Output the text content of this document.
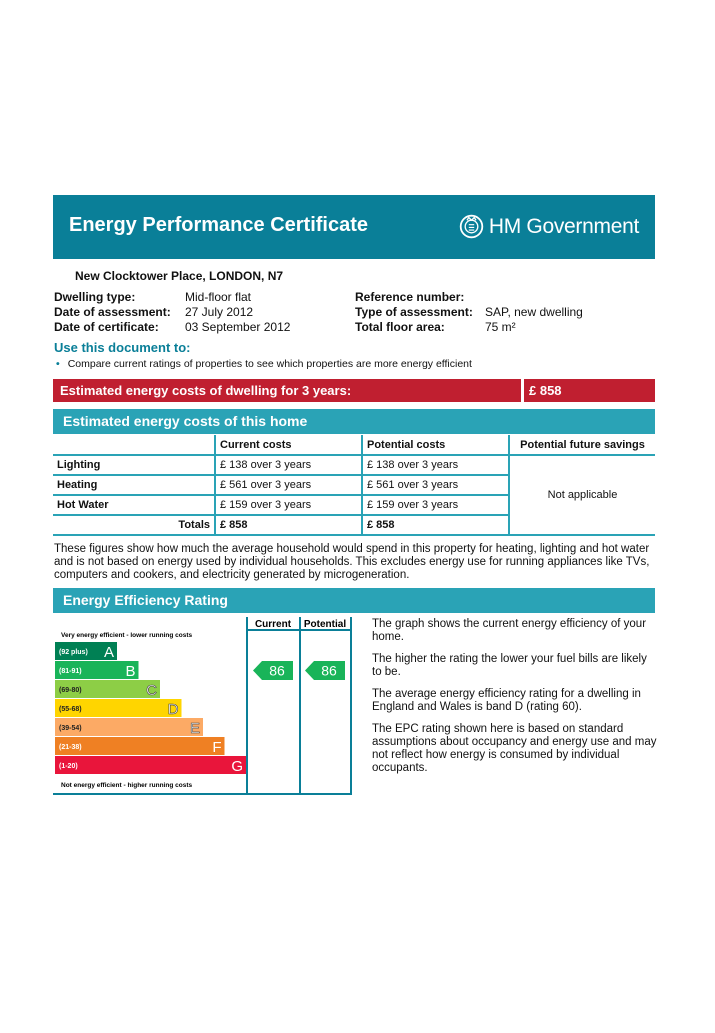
Energy Performance Certificate	HM Government
New Clocktower Place, LONDON, N7
Dwelling type:	Mid-floor flat
Date of assessment:	27 July 2012
Date of certificate:	03 September 2012
Reference number:
Type of assessment:	SAP, new dwelling
Total floor area:	75 m²
Use this document to:
• Compare current ratings of properties to see which properties are more energy efficient
Estimated energy costs of dwelling for 3 years:	£ 858
Estimated energy costs of this home
	Current costs	Potential costs	Potential future savings
Lighting	£ 138 over 3 years	£ 138 over 3 years	Not applicable
Heating	£ 561 over 3 years	£ 561 over 3 years	
Hot Water	£ 159 over 3 years	£ 159 over 3 years	
Totals	£ 858	£ 858	
These figures show how much the average household would spend in this property for heating, lighting and hot water and is not based on energy used by individual households. This excludes energy use for running appliances like TVs, computers and cookers, and electricity generated by microgeneration.
Energy Efficiency Rating
Current Potential
Very energy efficient - lower running costs
Not energy efficient - higher running costs
(92 plus) A
(81-91)	B
(69-80)	C
(55-68)	D
(39-54)	E
(21-38)	F
(1-20)	G
86	86

The graph shows the current energy efficiency of your home.

The higher the rating the lower your fuel bills are likely to be.

The average energy efficiency rating for a dwelling in England and Wales is band D (rating 60).

The EPC rating shown here is based on standard assumptions about occupancy and energy use and may not reflect how energy is consumed by individual occupants.
